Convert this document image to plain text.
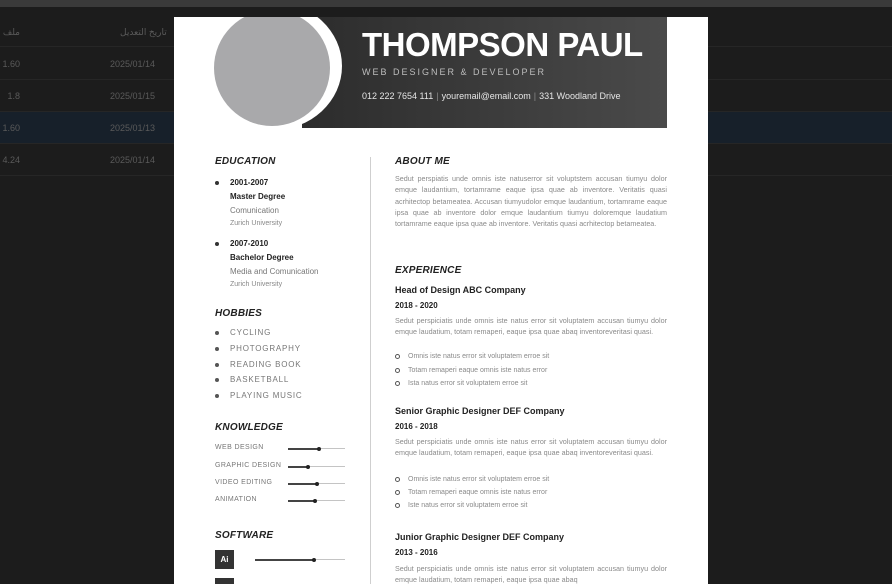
ملف	تاريخ التعديل
1.60	2025/01/14
1.8	2025/01/15
1.60	2025/01/13
4.24	2025/01/14
THOMPSON PAUL
WEB DESIGNER & DEVELOPER
012 222 7654 111 | youremail@email.com | 331 Woodland Drive
EDUCATION
2001-2007
Master Degree
Comunication
Zurich University
2007-2010
Bachelor Degree
Media and Comunication
Zurich University
HOBBIES
CYCLING
PHOTOGRAPHY
READING BOOK
BASKETBALL
PLAYING MUSIC
KNOWLEDGE
WEB DESIGN
GRAPHIC DESIGN
VIDEO EDITING
ANIMATION
SOFTWARE
Ai
ABOUT ME
Sedut perspiatis unde omnis iste natuserror sit voluptstem accusan tiumyu dolor emque laudantium, tortamrame eaque ipsa quae ab inventore. Veritatis quasi acrhitectop betameatea. Accusan tiumyudolor emque laudantium, tortamrame eaque ipsa quae ab inventore dolor emque laudantium tiumyu doloremque laudatium tortamrame eaque ipsa quae ab inventore. Veritatis quasi acrhitectop betameatea.
EXPERIENCE
Head of Design ABC Company
2018 - 2020
Sedut perspiciatis unde omnis iste natus error sit voluptatem accusan tiumyu dolor emque laudatium, totam remaperi, eaque ipsa quae abaq inventoreveritasi quasi.
Omnis iste natus error sit voluptatem erroe sit
Totam remaperi eaque omnis iste natus error
Ista natus error sit voluptatem erroe sit
Senior Graphic Designer DEF Company
2016 - 2018
Sedut perspiciatis unde omnis iste natus error sit voluptatem accusan tiumyu dolor emque laudatium, totam remaperi, eaque ipsa quae abaq inventoreveritasi quasi.
Omnis iste natus error sit voluptatem erroe sit
Totam remaperi eaque omnis iste natus error
Iste natus error sit voluptatem erroe sit
Junior Graphic Designer DEF Company
2013 - 2016
Sedut perspiciatis unde omnis iste natus error sit voluptatem accusan tiumyu dolor emque laudatium, totam remaperi, eaque ipsa quae abaq
